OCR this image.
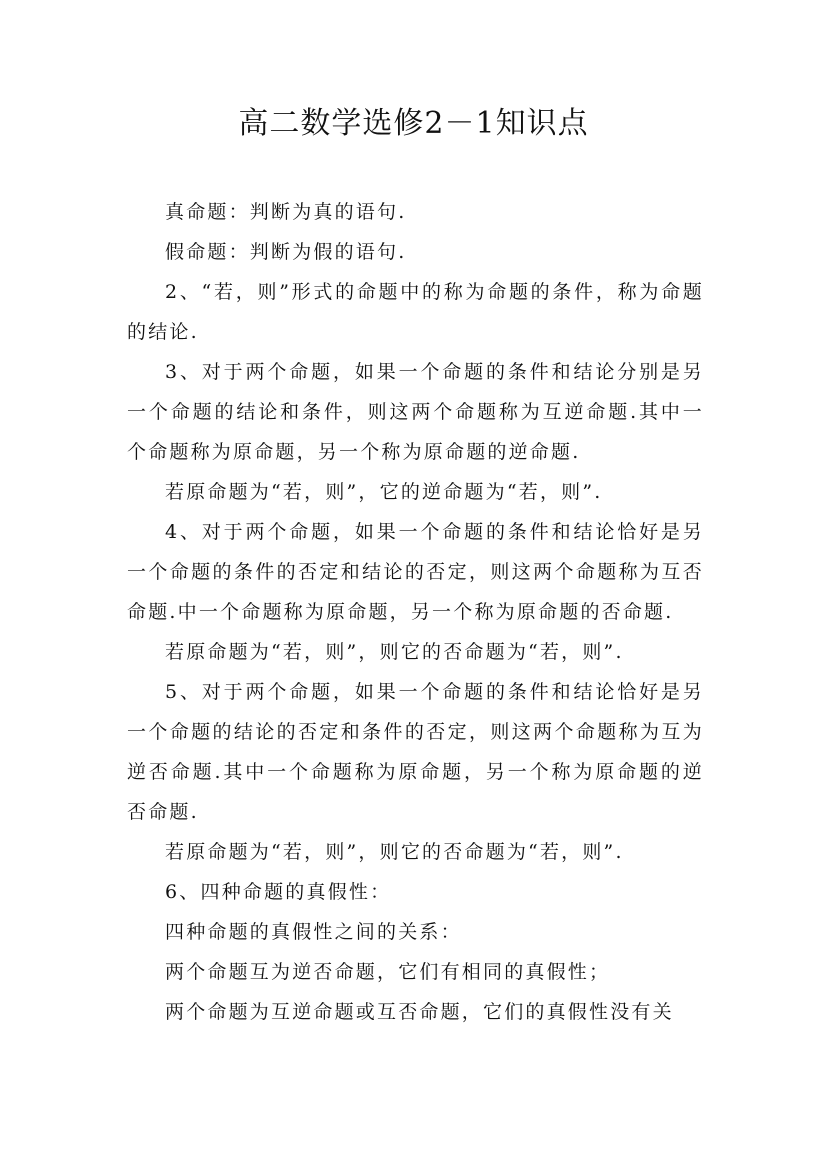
高二数学选修2－1知识点

真命题：判断为真的语句.

假命题：判断为假的语句.

2、“若，则”形式的命题中的称为命题的条件，称为命题的结论.

3、对于两个命题，如果一个命题的条件和结论分别是另一个命题的结论和条件，则这两个命题称为互逆命题.其中一个命题称为原命题，另一个称为原命题的逆命题.

若原命题为“若，则”，它的逆命题为“若，则”.

4、对于两个命题，如果一个命题的条件和结论恰好是另一个命题的条件的否定和结论的否定，则这两个命题称为互否命题.中一个命题称为原命题，另一个称为原命题的否命题.

若原命题为“若，则”，则它的否命题为“若，则”.

5、对于两个命题，如果一个命题的条件和结论恰好是另一个命题的结论的否定和条件的否定，则这两个命题称为互为逆否命题.其中一个命题称为原命题，另一个称为原命题的逆否命题.

若原命题为“若，则”，则它的否命题为“若，则”.

6、四种命题的真假性：

四种命题的真假性之间的关系：

两个命题互为逆否命题，它们有相同的真假性；

两个命题为互逆命题或互否命题，它们的真假性没有关
